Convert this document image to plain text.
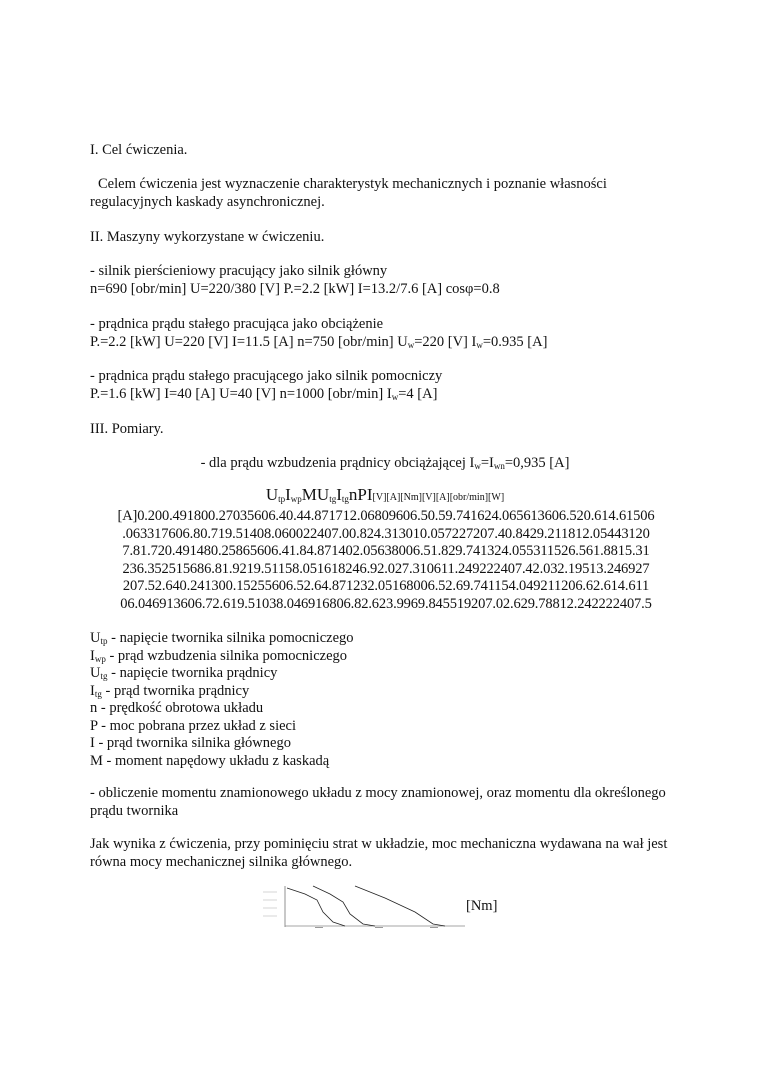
I. Cel ćwiczenia.
Celem ćwiczenia jest wyznaczenie charakterystyk mechanicznych i poznanie własności regulacyjnych kaskady asynchronicznej.
II. Maszyny wykorzystane w ćwiczeniu.
- silnik pierścieniowy pracujący jako silnik główny
n=690 [obr/min] U=220/380 [V] P.=2.2 [kW] I=13.2/7.6 [A] cosφ=0.8
- prądnica prądu stałego pracująca jako obciążenie
P.=2.2 [kW] U=220 [V] I=11.5 [A] n=750 [obr/min] $U_w=220$ [V] $I_w=0.935$ [A]
- prądnica prądu stałego pracującego jako silnik pomocniczy
P.=1.6 [kW] I=40 [A] U=40 [V] n=1000 [obr/min] $I_w=4$ [A]
III. Pomiary.
- dla prądu wzbudzenia prądnicy obciążającej $I_w=I_{wn}=0,935$ [A]
$U_{tp}I_{wp}MU_{tg}I_{tg}nPI[V][A][Nm][V][A][obr/\min][W]$
[A]0.200.491800.27035606.40.44.871712.06809606.50.59.741624.065613606.520.614.61506
.063317606.80.719.51408.060022407.00.824.313010.057227207.40.8429.211812.05443120
7.81.720.491480.25865606.41.84.871402.05638006.51.829.741324.055311526.561.8815.31
236.352515686.81.9219.51158.051618246.92.027.310611.249222407.42.032.19513.246927
207.52.640.241300.15255606.52.64.871232.05168006.52.69.741154.049211206.62.614.611
06.046913606.72.619.51038.046916806.82.623.9969.845519207.02.629.78812.242222407.5
$U_{tp}$ - napięcie twornika silnika pomocniczego
$I_{wp}$ - prąd wzbudzenia silnika pomocniczego
$U_{tg}$ - napięcie twornika prądnicy
$I_{tg}$ - prąd twornika prądnicy
n - prędkość obrotowa układu
P - moc pobrana przez układ z sieci
I - prąd twornika silnika głównego
M - moment napędowy układu z kaskadą
- obliczenie momentu znamionowego układu z mocy znamionowej, oraz momentu dla określonego prądu twornika
Jak wynika z ćwiczenia, przy pominięciu strat w układzie, moc mechaniczna wydawana na wał jest równa mocy mechanicznej silnika głównego.
[Nm]
